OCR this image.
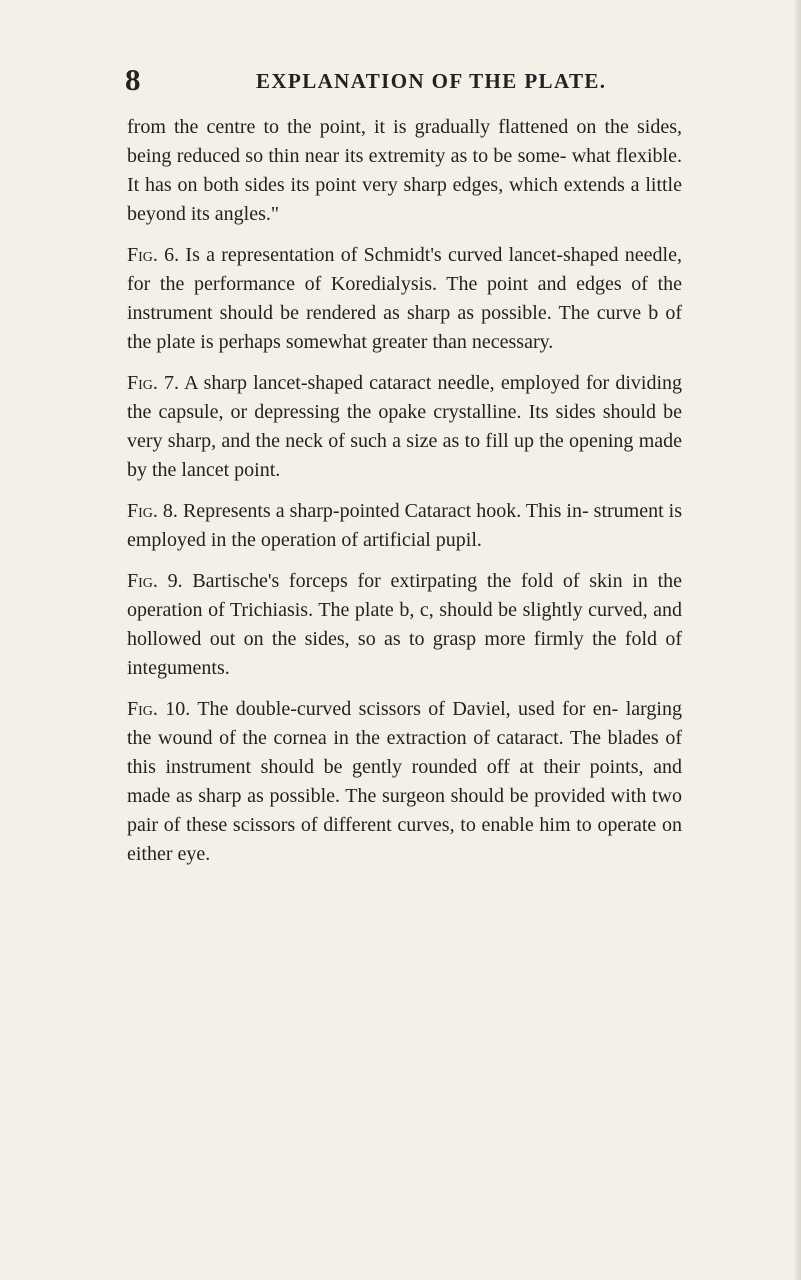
8	EXPLANATION OF THE PLATE.

from the centre to the point, it is gradually flattened on the sides, being reduced so thin near its extremity as to be some- what flexible. It has on both sides its point very sharp edges, which extends a little beyond its angles."

Fig. 6. Is a representation of Schmidt's curved lancet-shaped needle, for the performance of Koredialysis. The point and edges of the instrument should be rendered as sharp as possible. The curve b of the plate is perhaps somewhat greater than necessary.

Fig. 7. A sharp lancet-shaped cataract needle, employed for dividing the capsule, or depressing the opake crystalline. Its sides should be very sharp, and the neck of such a size as to fill up the opening made by the lancet point.

Fig. 8. Represents a sharp-pointed Cataract hook. This in- strument is employed in the operation of artificial pupil.

Fig. 9. Bartische's forceps for extirpating the fold of skin in the operation of Trichiasis. The plate b, c, should be slightly curved, and hollowed out on the sides, so as to grasp more firmly the fold of integuments.

Fig. 10. The double-curved scissors of Daviel, used for en- larging the wound of the cornea in the extraction of cataract. The blades of this instrument should be gently rounded off at their points, and made as sharp as possible. The surgeon should be provided with two pair of these scissors of different curves, to enable him to operate on either eye.
